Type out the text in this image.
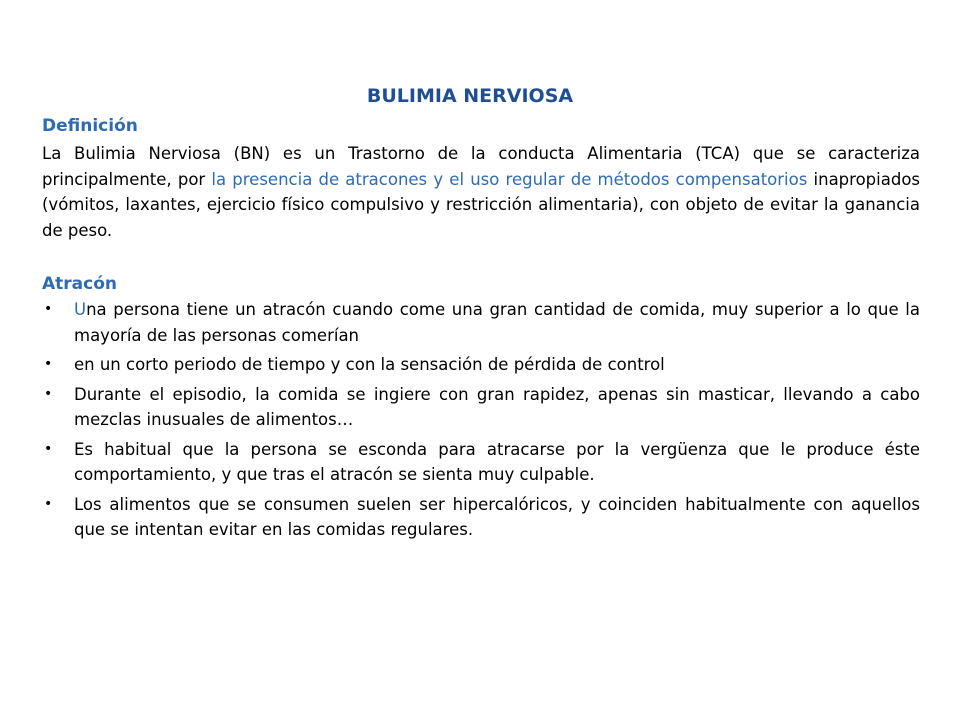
BULIMIA NERVIOSA
Definición
La Bulimia Nerviosa (BN) es un Trastorno de la conducta Alimentaria (TCA) que se caracteriza principalmente, por la presencia de atracones y el uso regular de métodos compensatorios inapropiados (vómitos, laxantes, ejercicio físico compulsivo y restricción alimentaria), con objeto de evitar la ganancia de peso.
Atracón
•	Una persona tiene un atracón cuando come una gran cantidad de comida, muy superior a lo que la mayoría de las personas comerían
•	en un corto periodo de tiempo y con la sensación de pérdida de control
•	Durante el episodio, la comida se ingiere con gran rapidez, apenas sin masticar, llevando a cabo mezclas inusuales de alimentos…
•	Es habitual que la persona se esconda para atracarse por la vergüenza que le produce éste comportamiento, y que tras el atracón se sienta muy culpable.
•	Los alimentos que se consumen suelen ser hipercalóricos, y coinciden habitualmente con aquellos que se intentan evitar en las comidas regulares.
